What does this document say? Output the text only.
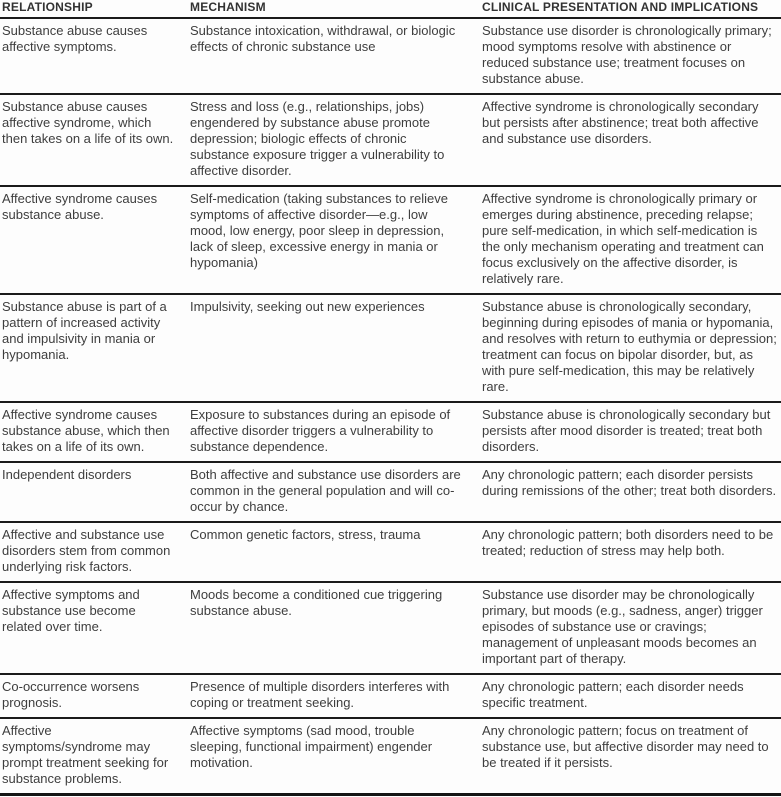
RELATIONSHIP	MECHANISM	CLINICAL PRESENTATION AND IMPLICATIONS
Substance abuse causes affective symptoms.	Substance intoxication, withdrawal, or biologic effects of chronic substance use	Substance use disorder is chronologically primary; mood symptoms resolve with abstinence or reduced substance use; treatment focuses on substance abuse.
Substance abuse causes affective syndrome, which then takes on a life of its own.	Stress and loss (e.g., relationships, jobs) engendered by substance abuse promote depression; biologic effects of chronic substance exposure trigger a vulnerability to affective disorder.	Affective syndrome is chronologically secondary but persists after abstinence; treat both affective and substance use disorders.
Affective syndrome causes substance abuse.	Self-medication (taking substances to relieve symptoms of affective disorder—e.g., low mood, low energy, poor sleep in depression, lack of sleep, excessive energy in mania or hypomania)	Affective syndrome is chronologically primary or emerges during abstinence, preceding relapse; pure self-medication, in which self-medication is the only mechanism operating and treatment can focus exclusively on the affective disorder, is relatively rare.
Substance abuse is part of a pattern of increased activity and impulsivity in mania or hypomania.	Impulsivity, seeking out new experiences	Substance abuse is chronologically secondary, beginning during episodes of mania or hypomania, and resolves with return to euthymia or depression; treatment can focus on bipolar disorder, but, as with pure self-medication, this may be relatively rare.
Affective syndrome causes substance abuse, which then takes on a life of its own.	Exposure to substances during an episode of affective disorder triggers a vulnerability to substance dependence.	Substance abuse is chronologically secondary but persists after mood disorder is treated; treat both disorders.
Independent disorders	Both affective and substance use disorders are common in the general population and will co-occur by chance.	Any chronologic pattern; each disorder persists during remissions of the other; treat both disorders.
Affective and substance use disorders stem from common underlying risk factors.	Common genetic factors, stress, trauma	Any chronologic pattern; both disorders need to be treated; reduction of stress may help both.
Affective symptoms and substance use become related over time.	Moods become a conditioned cue triggering substance abuse.	Substance use disorder may be chronologically primary, but moods (e.g., sadness, anger) trigger episodes of substance use or cravings; management of unpleasant moods becomes an important part of therapy.
Co-occurrence worsens prognosis.	Presence of multiple disorders interferes with coping or treatment seeking.	Any chronologic pattern; each disorder needs specific treatment.
Affective symptoms/syndrome may prompt treatment seeking for substance problems.	Affective symptoms (sad mood, trouble sleeping, functional impairment) engender motivation.	Any chronologic pattern; focus on treatment of substance use, but affective disorder may need to be treated if it persists.
